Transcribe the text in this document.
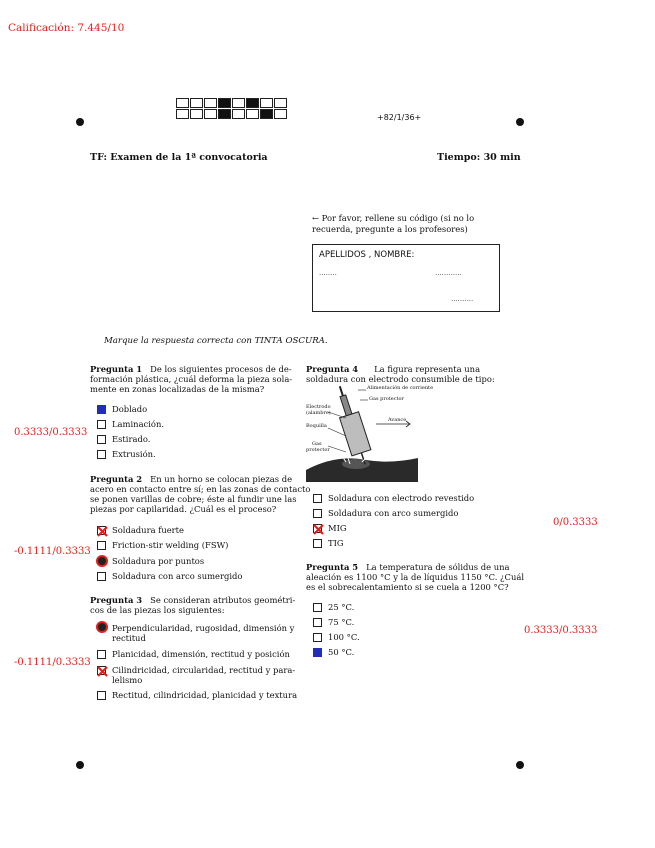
Calificación: 7.445/10
+82/1/36+
TF: Examen de la 1ª convocatoria	Tiempo: 30 min
← Por favor, rellene su código (si no lo
recuerda, pregunte a los profesores)
APELLIDOS , NOMBRE:
........	............
..........
Marque la respuesta correcta con TINTA OSCURA.
0.3333/0.3333
-0.1111/0.3333
-0.1111/0.3333
0/0.3333
0.3333/0.3333
Pregunta 1 De los siguientes procesos de de-
formación plástica, ¿cuál deforma la pieza sola-
mente en zonas localizadas de la misma?
Doblado
Laminación.
Estirado.
Extrusión.
Pregunta 2 En un horno se colocan piezas de
acero en contacto entre sí; en las zonas de contacto
se ponen varillas de cobre; éste al fundir une las
piezas por capilaridad. ¿Cuál es el proceso?
Soldadura fuerte
Friction-stir welding (FSW)
Soldadura por puntos
Soldadura con arco sumergido
Pregunta 3 Se consideran atributos geométri-
cos de las piezas los siguientes:
Perpendicularidad, rugosidad, dimensión y
rectitud
Planicidad, dimensión, rectitud y posición
Cilindricidad, circularidad, rectitud y para-
lelismo
Rectitud, cilindricidad, planicidad y textura
Pregunta 4 La figura representa una
soldadura con electrodo consumible de tipo:
Alimentación de corriente
Gas protector
Electrodo
(alambre)
Avance
Boquilla
Gas
protector
Soldadura con electrodo revestido
Soldadura con arco sumergido
MIG
TIG
Pregunta 5 La temperatura de sólidus de una
aleación es 1100 °C y la de líquidus 1150 °C. ¿Cuál
es el sobrecalentamiento si se cuela a 1200 °C?
25 °C.
75 °C.
100 °C.
50 °C.
